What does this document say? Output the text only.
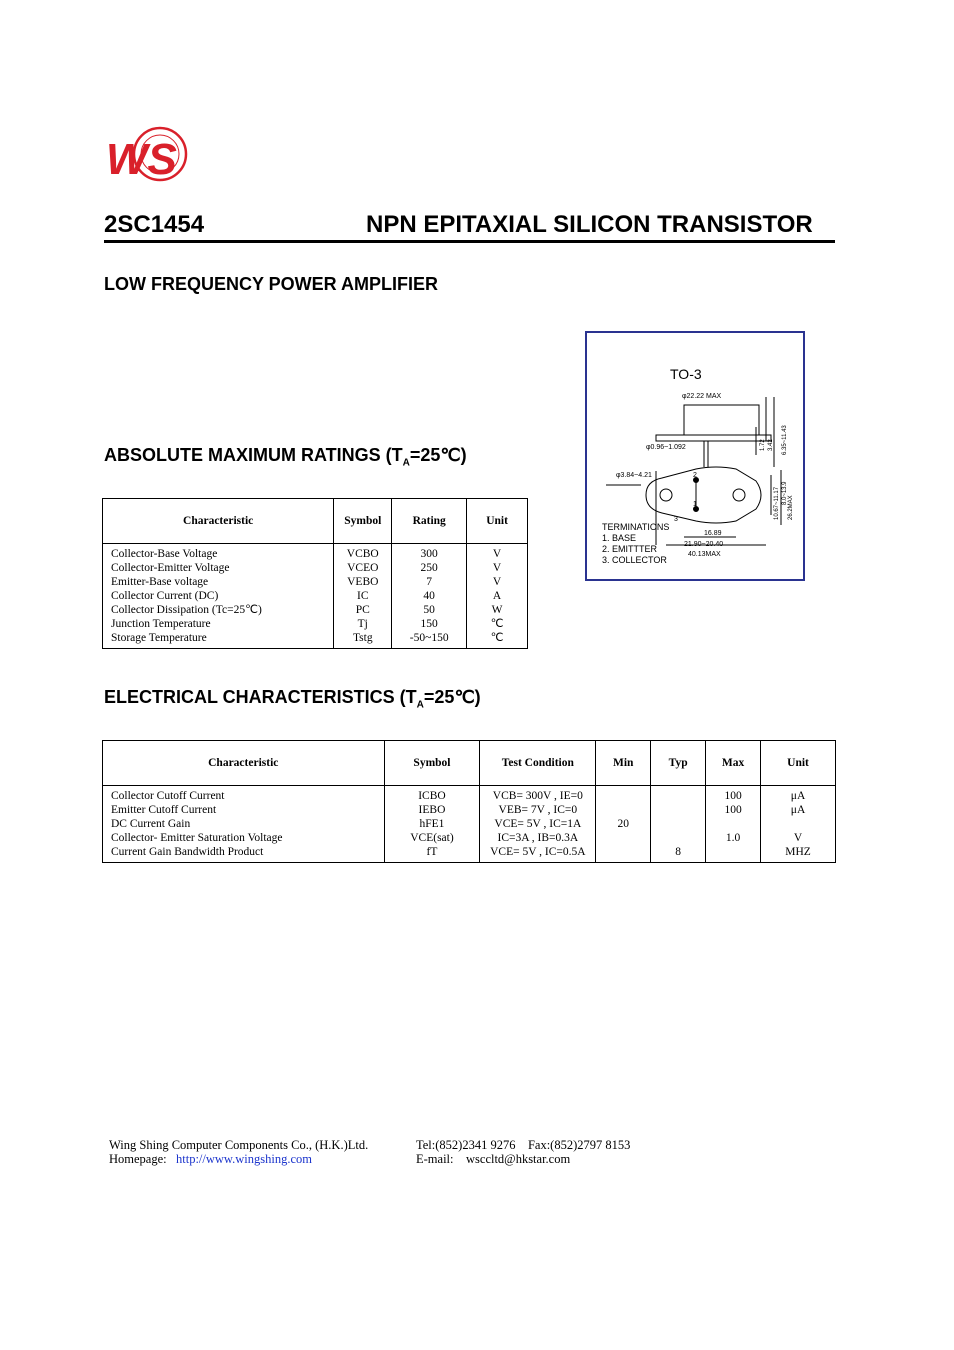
WS
2SC1454	NPN EPITAXIAL SILICON TRANSISTOR
LOW FREQUENCY POWER AMPLIFIER
TO-3
φ22.22 MAX
φ0.96~1.092
φ3.84~4.21
16.89
21.90~20.40
40.13MAX
2
1
3
6.35~11.43
8.0~13.9
1.72 3.42
10.67~11.17 26.2MAX
TERMINATIONS
1. BASE
2. EMITTTER
3. COLLECTOR
ABSOLUTE MAXIMUM RATINGS $(T_A=25℃)$
Characteristic	Symbol	Rating	Unit
Collector-Base Voltage	VCBO	300	V
Collector-Emitter Voltage	VCEO	250	V
Emitter-Base voltage	VEBO	7	V
Collector Current (DC)	IC	40	A
Collector Dissipation (Tc=25℃)	PC	50	W
Junction Temperature	Tj	150	℃
Storage Temperature	Tstg	-50~150	℃
ELECTRICAL CHARACTERISTICS $(T_A=25℃)$
Characteristic	Symbol	Test Condition	Min	Typ	Max	Unit
Collector Cutoff Current	ICBO	VCB= 300V , IE=0			100	μA
Emitter Cutoff Current	IEBO	VEB= 7V , IC=0			100	μA
DC Current Gain	hFE1	VCE= 5V , IC=1A	20			
Collector- Emitter Saturation Voltage	VCE(sat)	IC=3A , IB=0.3A			1.0	V
Current Gain Bandwidth Product	fT	VCE= 5V , IC=0.5A		8		MHZ
Wing Shing Computer Components Co., (H.K.)Ltd.
Homepage: http://www.wingshing.com
Tel:(852)2341 9276    Fax:(852)2797 8153
E-mail: wsccltd@hkstar.com
